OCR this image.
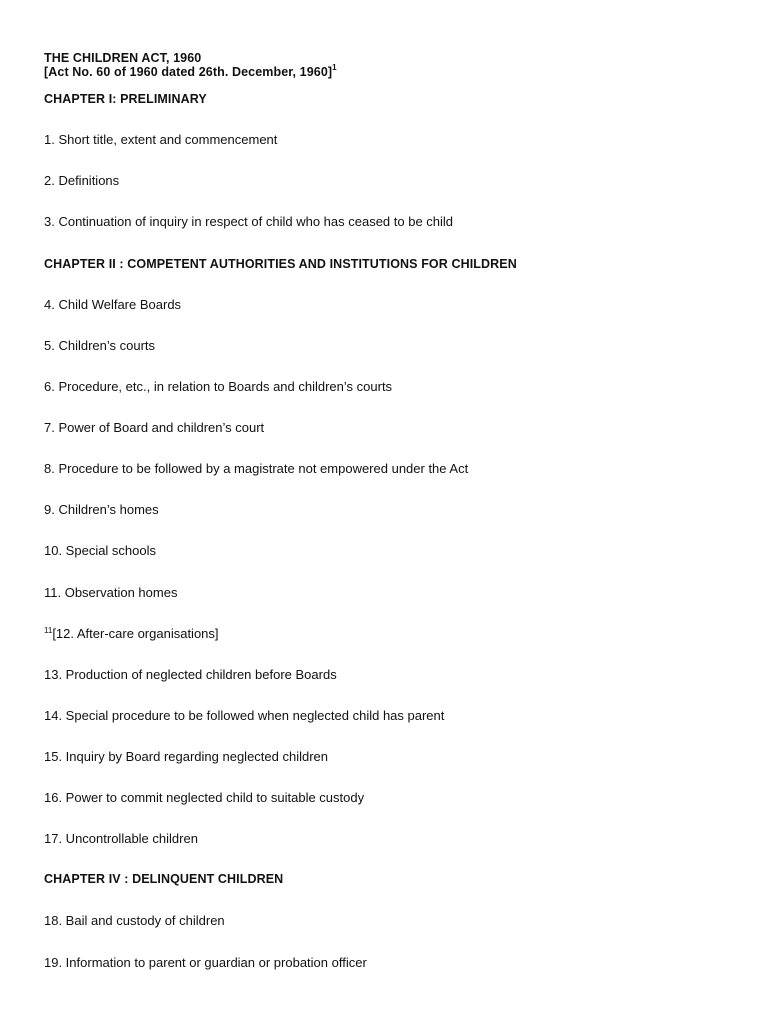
THE CHILDREN ACT, 1960
[Act No. 60 of 1960 dated 26th. December, 1960]$^1$
CHAPTER I: PRELIMINARY
1. Short title, extent and commencement
2. Definitions
3. Continuation of inquiry in respect of child who has ceased to be child
CHAPTER II : COMPETENT AUTHORITIES AND INSTITUTIONS FOR CHILDREN
4. Child Welfare Boards
5. Children’s courts
6. Procedure, etc., in relation to Boards and children’s courts
7. Power of Board and children’s court
8. Procedure to be followed by a magistrate not empowered under the Act
9. Children’s homes
10. Special schools
11. Observation homes
$^{11}$[12. After-care organisations]
13. Production of neglected children before Boards
14. Special procedure to be followed when neglected child has parent
15. Inquiry by Board regarding neglected children
16. Power to commit neglected child to suitable custody
17. Uncontrollable children
CHAPTER IV : DELINQUENT CHILDREN
18. Bail and custody of children
19. Information to parent or guardian or probation officer
